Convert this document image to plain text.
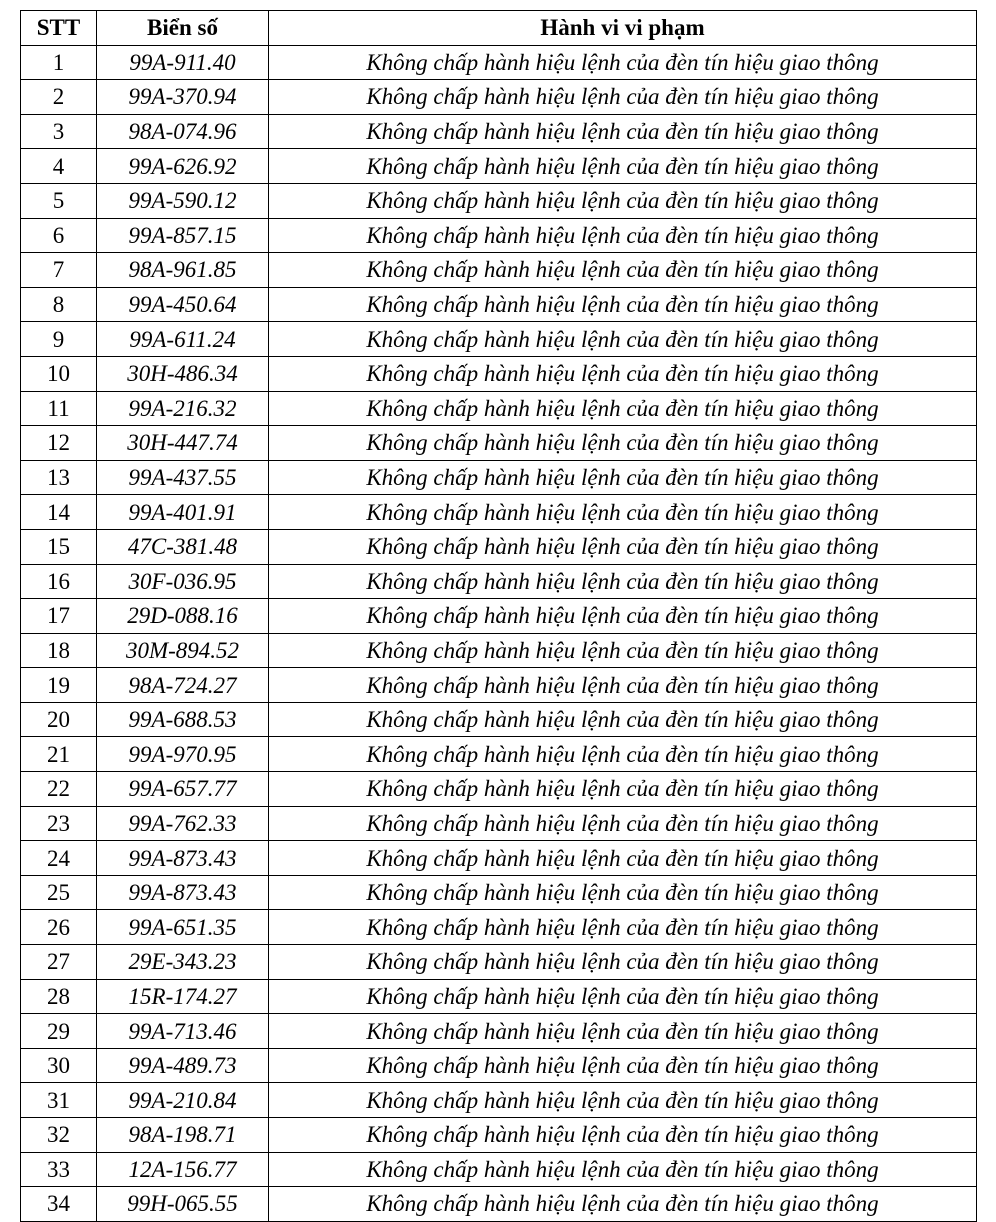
STT	Biển số	Hành vi vi phạm
1	99A-911.40	Không chấp hành hiệu lệnh của đèn tín hiệu giao thông
2	99A-370.94	Không chấp hành hiệu lệnh của đèn tín hiệu giao thông
3	98A-074.96	Không chấp hành hiệu lệnh của đèn tín hiệu giao thông
4	99A-626.92	Không chấp hành hiệu lệnh của đèn tín hiệu giao thông
5	99A-590.12	Không chấp hành hiệu lệnh của đèn tín hiệu giao thông
6	99A-857.15	Không chấp hành hiệu lệnh của đèn tín hiệu giao thông
7	98A-961.85	Không chấp hành hiệu lệnh của đèn tín hiệu giao thông
8	99A-450.64	Không chấp hành hiệu lệnh của đèn tín hiệu giao thông
9	99A-611.24	Không chấp hành hiệu lệnh của đèn tín hiệu giao thông
10	30H-486.34	Không chấp hành hiệu lệnh của đèn tín hiệu giao thông
11	99A-216.32	Không chấp hành hiệu lệnh của đèn tín hiệu giao thông
12	30H-447.74	Không chấp hành hiệu lệnh của đèn tín hiệu giao thông
13	99A-437.55	Không chấp hành hiệu lệnh của đèn tín hiệu giao thông
14	99A-401.91	Không chấp hành hiệu lệnh của đèn tín hiệu giao thông
15	47C-381.48	Không chấp hành hiệu lệnh của đèn tín hiệu giao thông
16	30F-036.95	Không chấp hành hiệu lệnh của đèn tín hiệu giao thông
17	29D-088.16	Không chấp hành hiệu lệnh của đèn tín hiệu giao thông
18	30M-894.52	Không chấp hành hiệu lệnh của đèn tín hiệu giao thông
19	98A-724.27	Không chấp hành hiệu lệnh của đèn tín hiệu giao thông
20	99A-688.53	Không chấp hành hiệu lệnh của đèn tín hiệu giao thông
21	99A-970.95	Không chấp hành hiệu lệnh của đèn tín hiệu giao thông
22	99A-657.77	Không chấp hành hiệu lệnh của đèn tín hiệu giao thông
23	99A-762.33	Không chấp hành hiệu lệnh của đèn tín hiệu giao thông
24	99A-873.43	Không chấp hành hiệu lệnh của đèn tín hiệu giao thông
25	99A-873.43	Không chấp hành hiệu lệnh của đèn tín hiệu giao thông
26	99A-651.35	Không chấp hành hiệu lệnh của đèn tín hiệu giao thông
27	29E-343.23	Không chấp hành hiệu lệnh của đèn tín hiệu giao thông
28	15R-174.27	Không chấp hành hiệu lệnh của đèn tín hiệu giao thông
29	99A-713.46	Không chấp hành hiệu lệnh của đèn tín hiệu giao thông
30	99A-489.73	Không chấp hành hiệu lệnh của đèn tín hiệu giao thông
31	99A-210.84	Không chấp hành hiệu lệnh của đèn tín hiệu giao thông
32	98A-198.71	Không chấp hành hiệu lệnh của đèn tín hiệu giao thông
33	12A-156.77	Không chấp hành hiệu lệnh của đèn tín hiệu giao thông
34	99H-065.55	Không chấp hành hiệu lệnh của đèn tín hiệu giao thông
